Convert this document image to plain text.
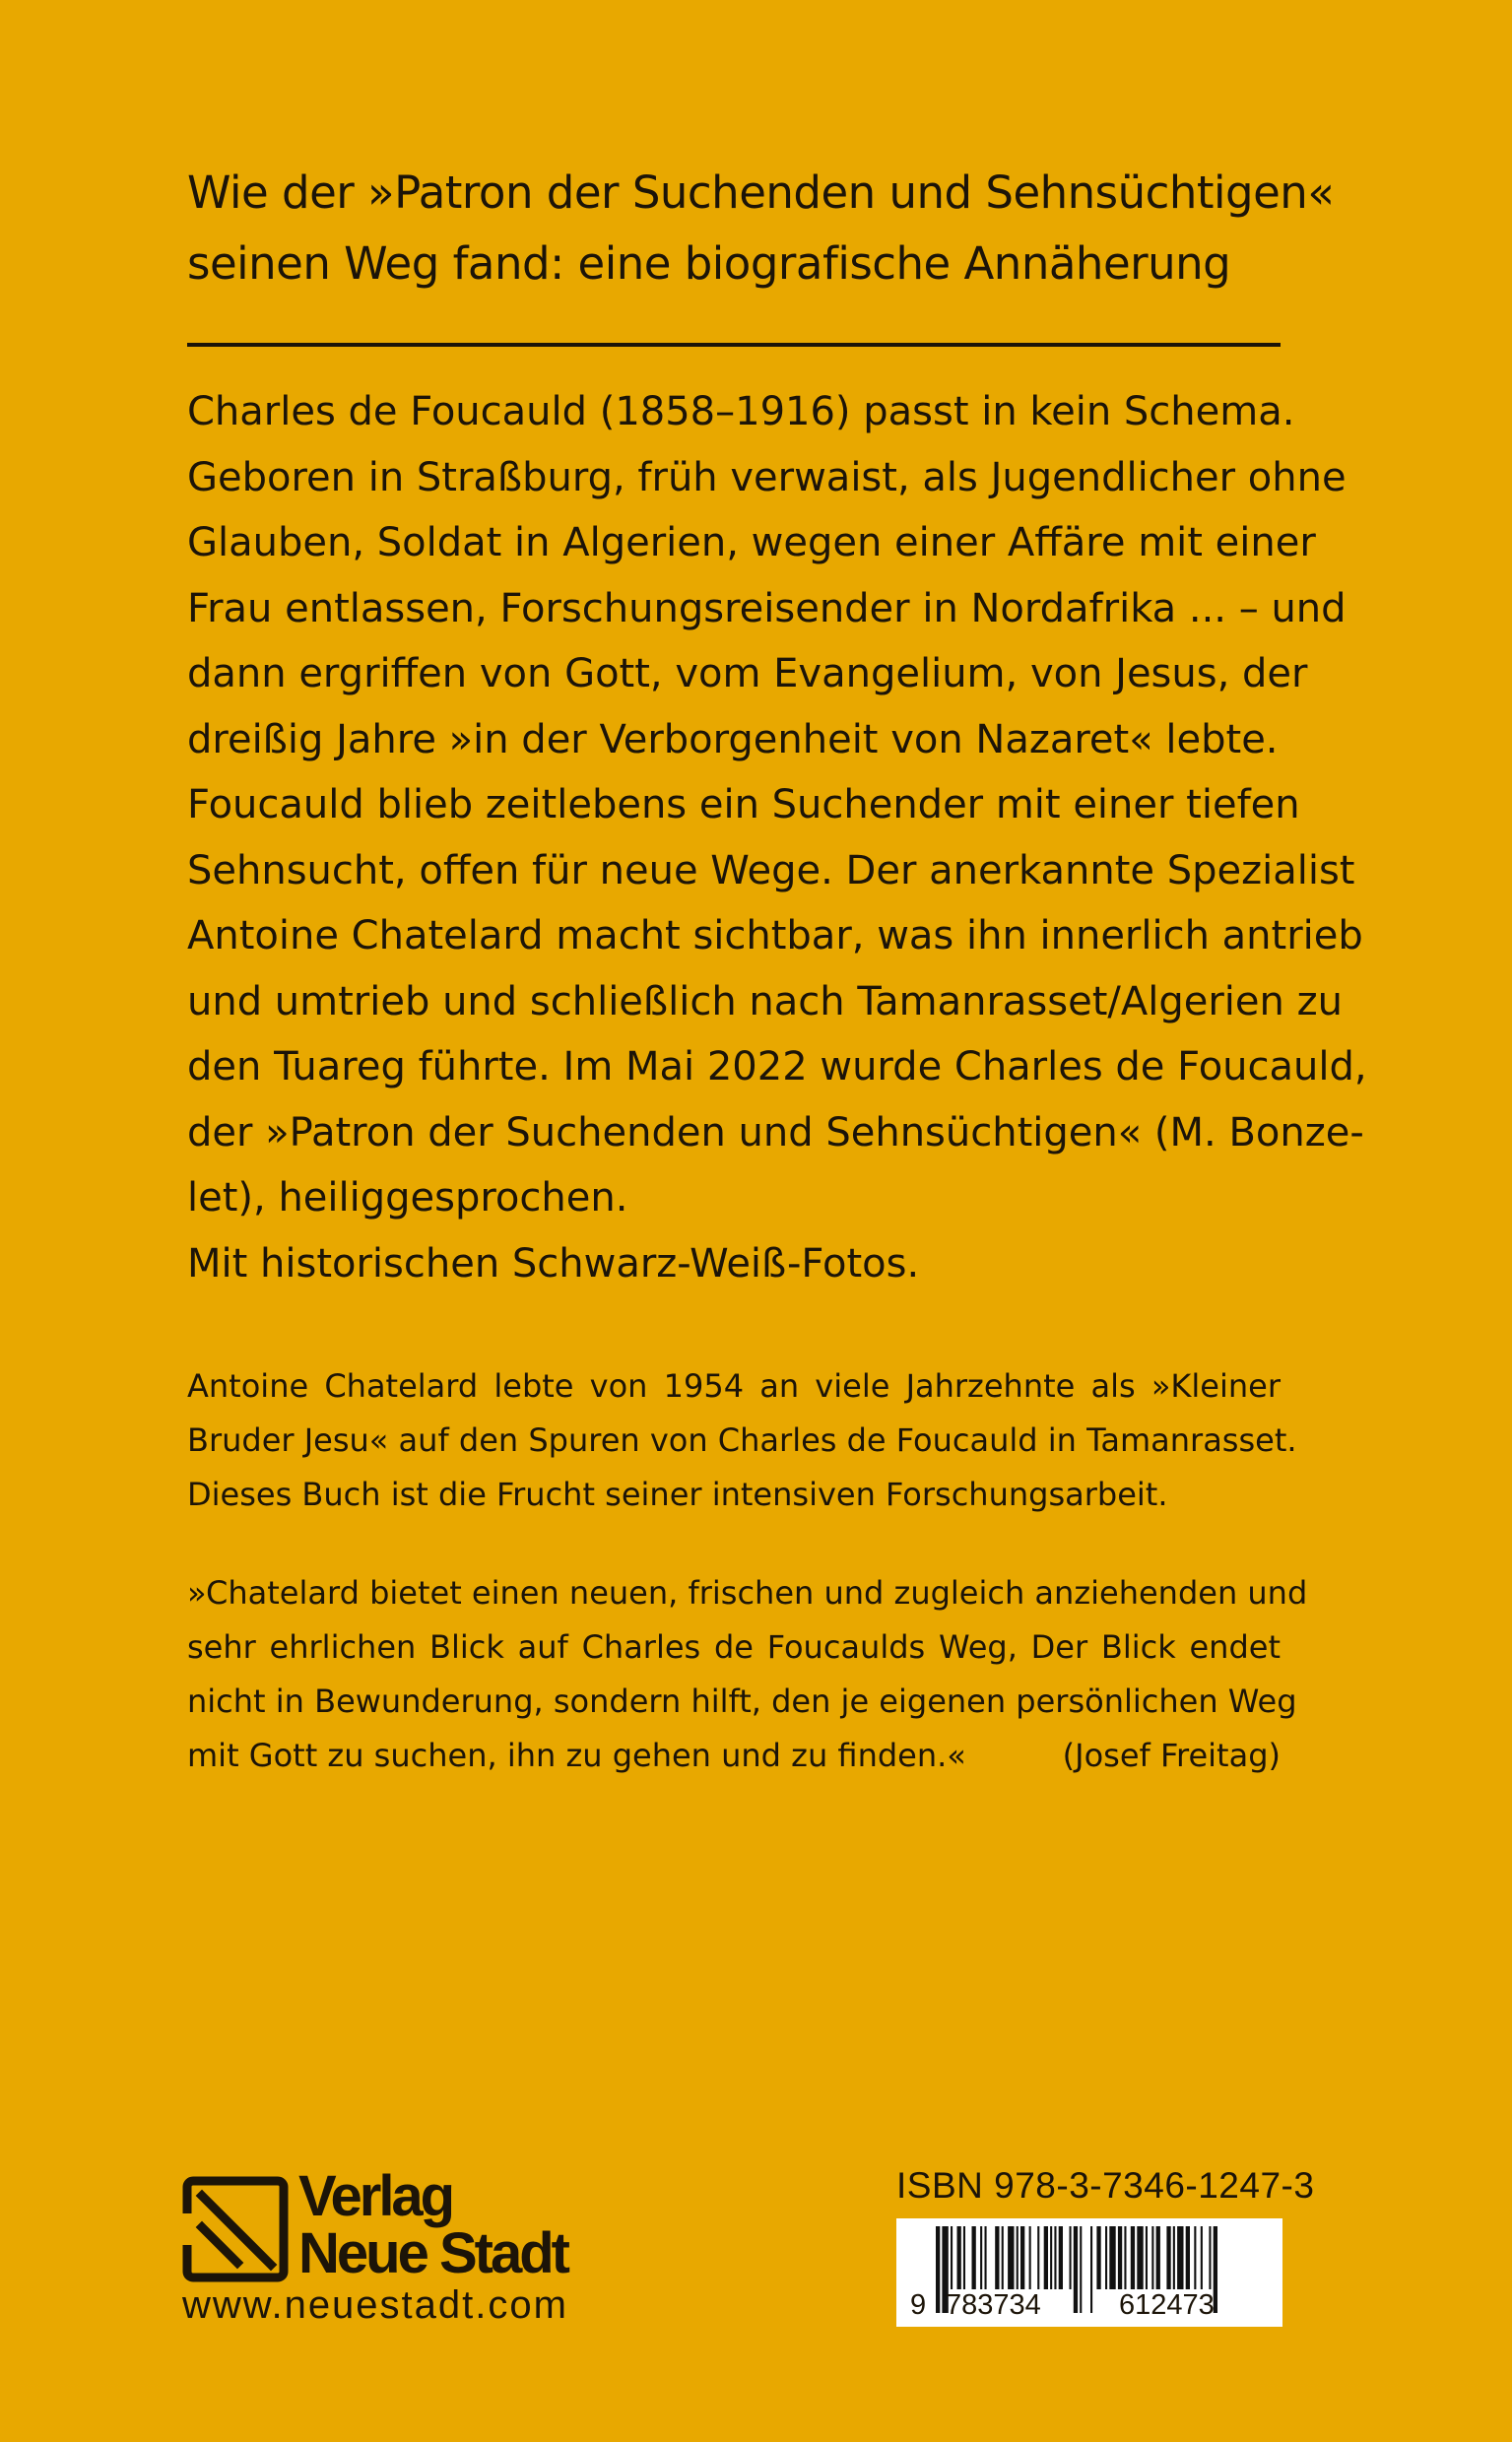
Wie der »Patron der Suchenden und Sehnsüchtigen«
seinen Weg fand: eine biografische Annäherung
Charles de Foucauld (1858–1916) passt in kein Schema.
Geboren in Straßburg, früh verwaist, als Jugendlicher ohne
Glauben, Soldat in Algerien, wegen einer Affäre mit einer
Frau entlassen, Forschungsreisender in Nordafrika ... – und
dann ergriffen von Gott, vom Evangelium, von Jesus, der
dreißig Jahre »in der Verborgenheit von Nazaret« lebte.
Foucauld blieb zeitlebens ein Suchender mit einer tiefen
Sehnsucht, offen für neue Wege. Der anerkannte Spezialist
Antoine Chatelard macht sichtbar, was ihn innerlich antrieb
und umtrieb und schließlich nach Tamanrasset/Algerien zu
den Tuareg führte. Im Mai 2022 wurde Charles de Foucauld,
der »Patron der Suchenden und Sehnsüchtigen« (M. Bonze-
let), heiliggesprochen.
Mit historischen Schwarz-Weiß-Fotos.
Antoine Chatelard lebte von 1954 an viele Jahrzehnte als »Kleiner
Bruder Jesu« auf den Spuren von Charles de Foucauld in Tamanrasset.
Dieses Buch ist die Frucht seiner intensiven Forschungsarbeit.
»Chatelard bietet einen neuen, frischen und zugleich anziehenden und
sehr ehrlichen Blick auf Charles de Foucaulds Weg, Der Blick endet
nicht in Bewunderung, sondern hilft, den je eigenen persönlichen Weg
mit Gott zu suchen, ihn zu gehen und zu finden.«	(Josef Freitag)
Verlag
Neue Stadt
www.neuestadt.com
ISBN 978-3-7346-1247-3
9 783734	612473
